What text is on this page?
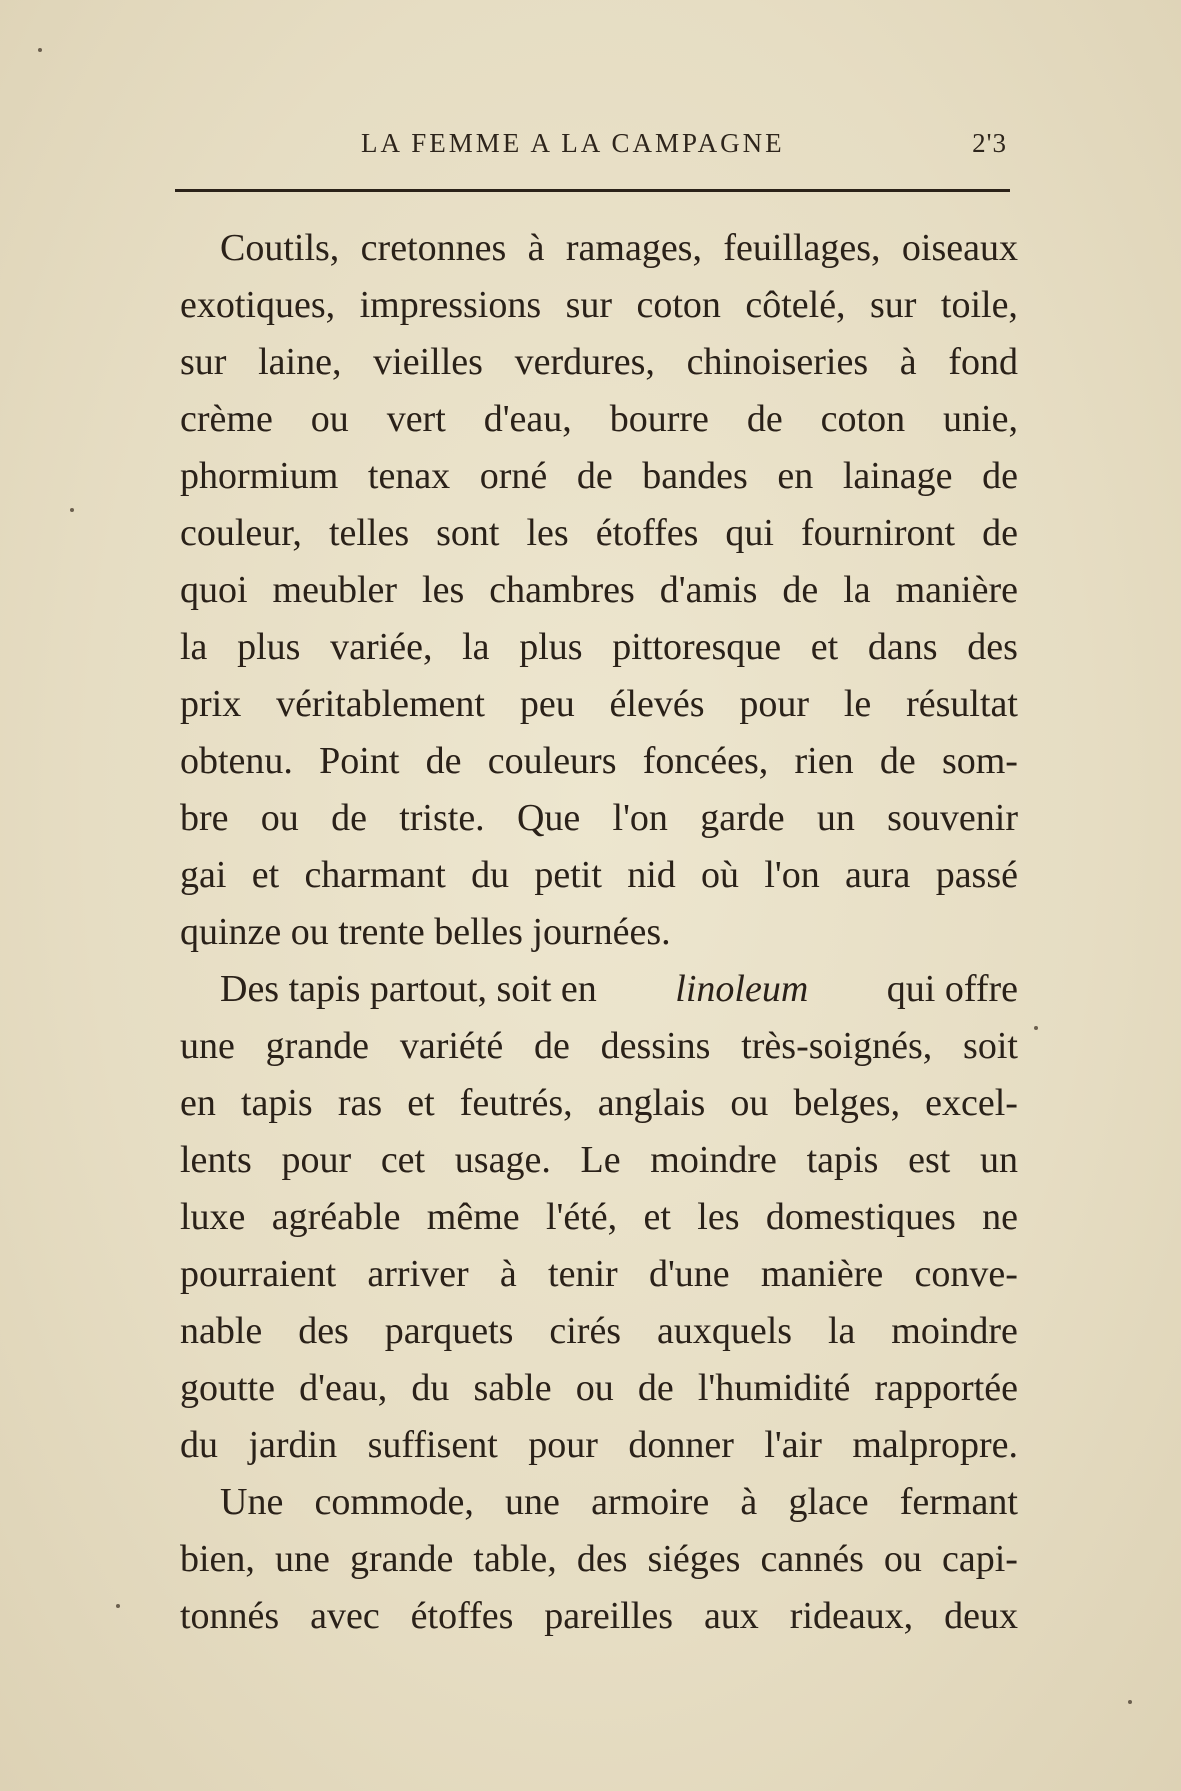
LA FEMME A LA CAMPAGNE	2'3
Coutils, cretonnes à ramages, feuillages, oiseaux
exotiques, impressions sur coton côtelé, sur toile,
sur laine, vieilles verdures, chinoiseries à fond
crème ou vert d'eau, bourre de coton unie,
phormium tenax orné de bandes en lainage de
couleur, telles sont les étoffes qui fourniront de
quoi meubler les chambres d'amis de la manière
la plus variée, la plus pittoresque et dans des
prix véritablement peu élevés pour le résultat
obtenu. Point de couleurs foncées, rien de som-
bre ou de triste. Que l'on garde un souvenir
gai et charmant du petit nid où l'on aura passé
quinze ou trente belles journées.
Des tapis partout, soit en linoleum qui offre
une grande variété de dessins très-soignés, soit
en tapis ras et feutrés, anglais ou belges, excel-
lents pour cet usage. Le moindre tapis est un
luxe agréable même l'été, et les domestiques ne
pourraient arriver à tenir d'une manière conve-
nable des parquets cirés auxquels la moindre
goutte d'eau, du sable ou de l'humidité rapportée
du jardin suffisent pour donner l'air malpropre.
Une commode, une armoire à glace fermant
bien, une grande table, des siéges cannés ou capi-
tonnés avec étoffes pareilles aux rideaux, deux
